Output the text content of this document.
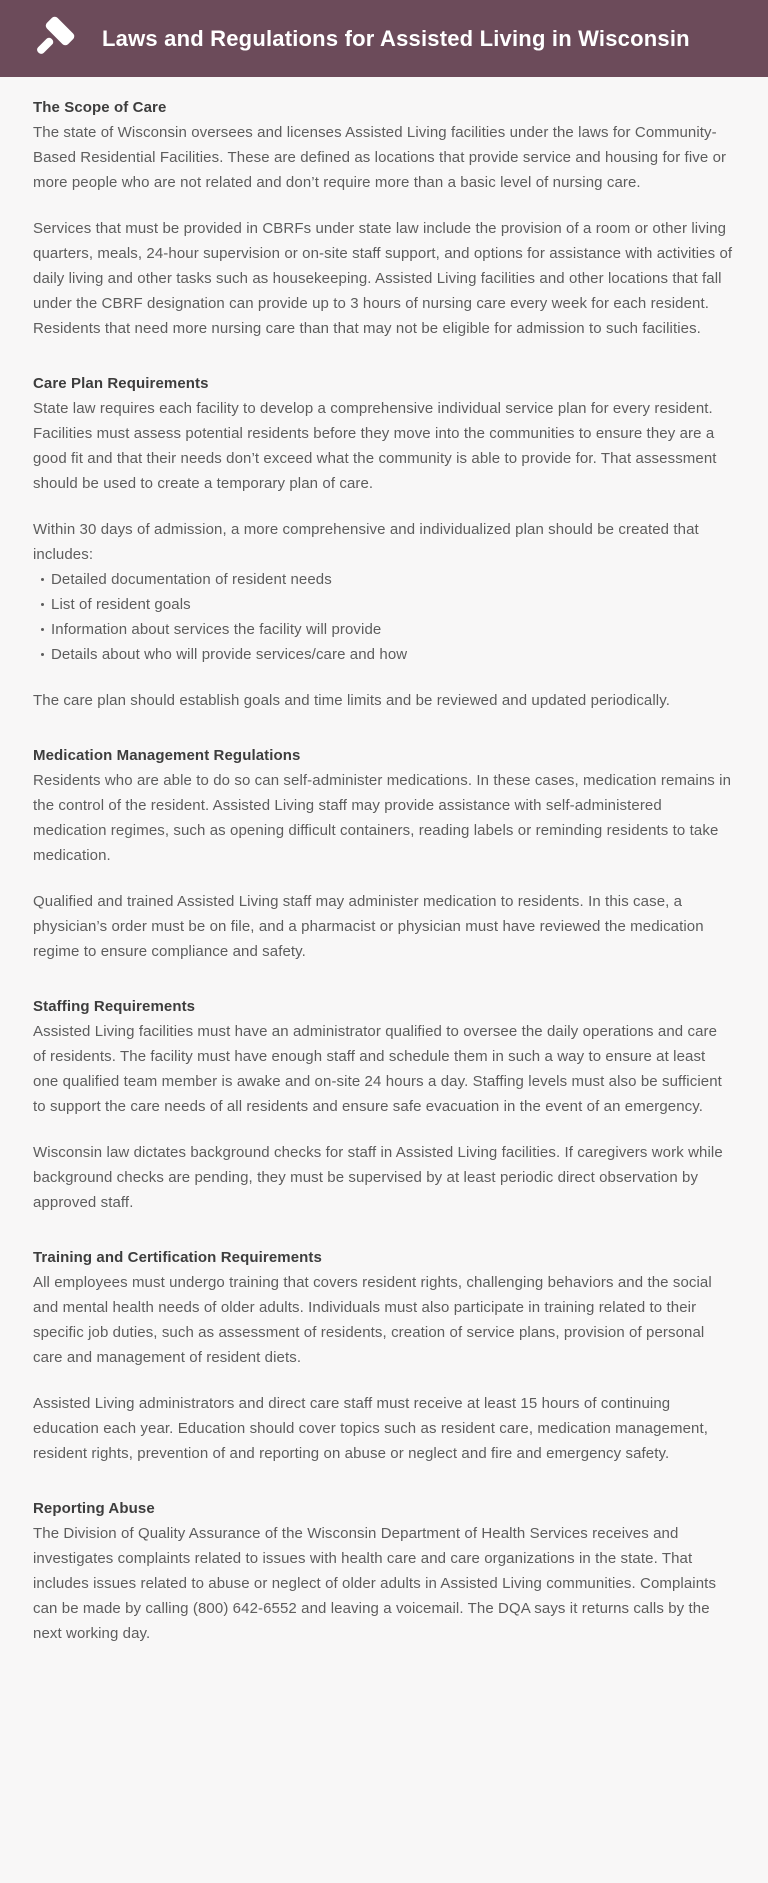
Laws and Regulations for Assisted Living in Wisconsin
The Scope of Care

The state of Wisconsin oversees and licenses Assisted Living facilities under the laws for Community-Based Residential Facilities. These are defined as locations that provide service and housing for five or more people who are not related and don’t require more than a basic level of nursing care.

Services that must be provided in CBRFs under state law include the provision of a room or other living quarters, meals, 24-hour supervision or on-site staff support, and options for assistance with activities of daily living and other tasks such as housekeeping. Assisted Living facilities and other locations that fall under the CBRF designation can provide up to 3 hours of nursing care every week for each resident. Residents that need more nursing care than that may not be eligible for admission to such facilities.

Care Plan Requirements

State law requires each facility to develop a comprehensive individual service plan for every resident. Facilities must assess potential residents before they move into the communities to ensure they are a good fit and that their needs don’t exceed what the community is able to provide for. That assessment should be used to create a temporary plan of care.

Within 30 days of admission, a more comprehensive and individualized plan should be created that includes:

Detailed documentation of resident needs
List of resident goals
Information about services the facility will provide
Details about who will provide services/care and how

The care plan should establish goals and time limits and be reviewed and updated periodically.

Medication Management Regulations

Residents who are able to do so can self-administer medications. In these cases, medication remains in the control of the resident. Assisted Living staff may provide assistance with self-administered medication regimes, such as opening difficult containers, reading labels or reminding residents to take medication.

Qualified and trained Assisted Living staff may administer medication to residents. In this case, a physician’s order must be on file, and a pharmacist or physician must have reviewed the medication regime to ensure compliance and safety.

Staffing Requirements

Assisted Living facilities must have an administrator qualified to oversee the daily operations and care of residents. The facility must have enough staff and schedule them in such a way to ensure at least one qualified team member is awake and on-site 24 hours a day. Staffing levels must also be sufficient to support the care needs of all residents and ensure safe evacuation in the event of an emergency.

Wisconsin law dictates background checks for staff in Assisted Living facilities. If caregivers work while background checks are pending, they must be supervised by at least periodic direct observation by approved staff.

Training and Certification Requirements

All employees must undergo training that covers resident rights, challenging behaviors and the social and mental health needs of older adults. Individuals must also participate in training related to their specific job duties, such as assessment of residents, creation of service plans, provision of personal care and management of resident diets.

Assisted Living administrators and direct care staff must receive at least 15 hours of continuing education each year. Education should cover topics such as resident care, medication management, resident rights, prevention of and reporting on abuse or neglect and fire and emergency safety.

Reporting Abuse

The Division of Quality Assurance of the Wisconsin Department of Health Services receives and investigates complaints related to issues with health care and care organizations in the state. That includes issues related to abuse or neglect of older adults in Assisted Living communities. Complaints can be made by calling (800) 642-6552 and leaving a voicemail. The DQA says it returns calls by the next working day.
